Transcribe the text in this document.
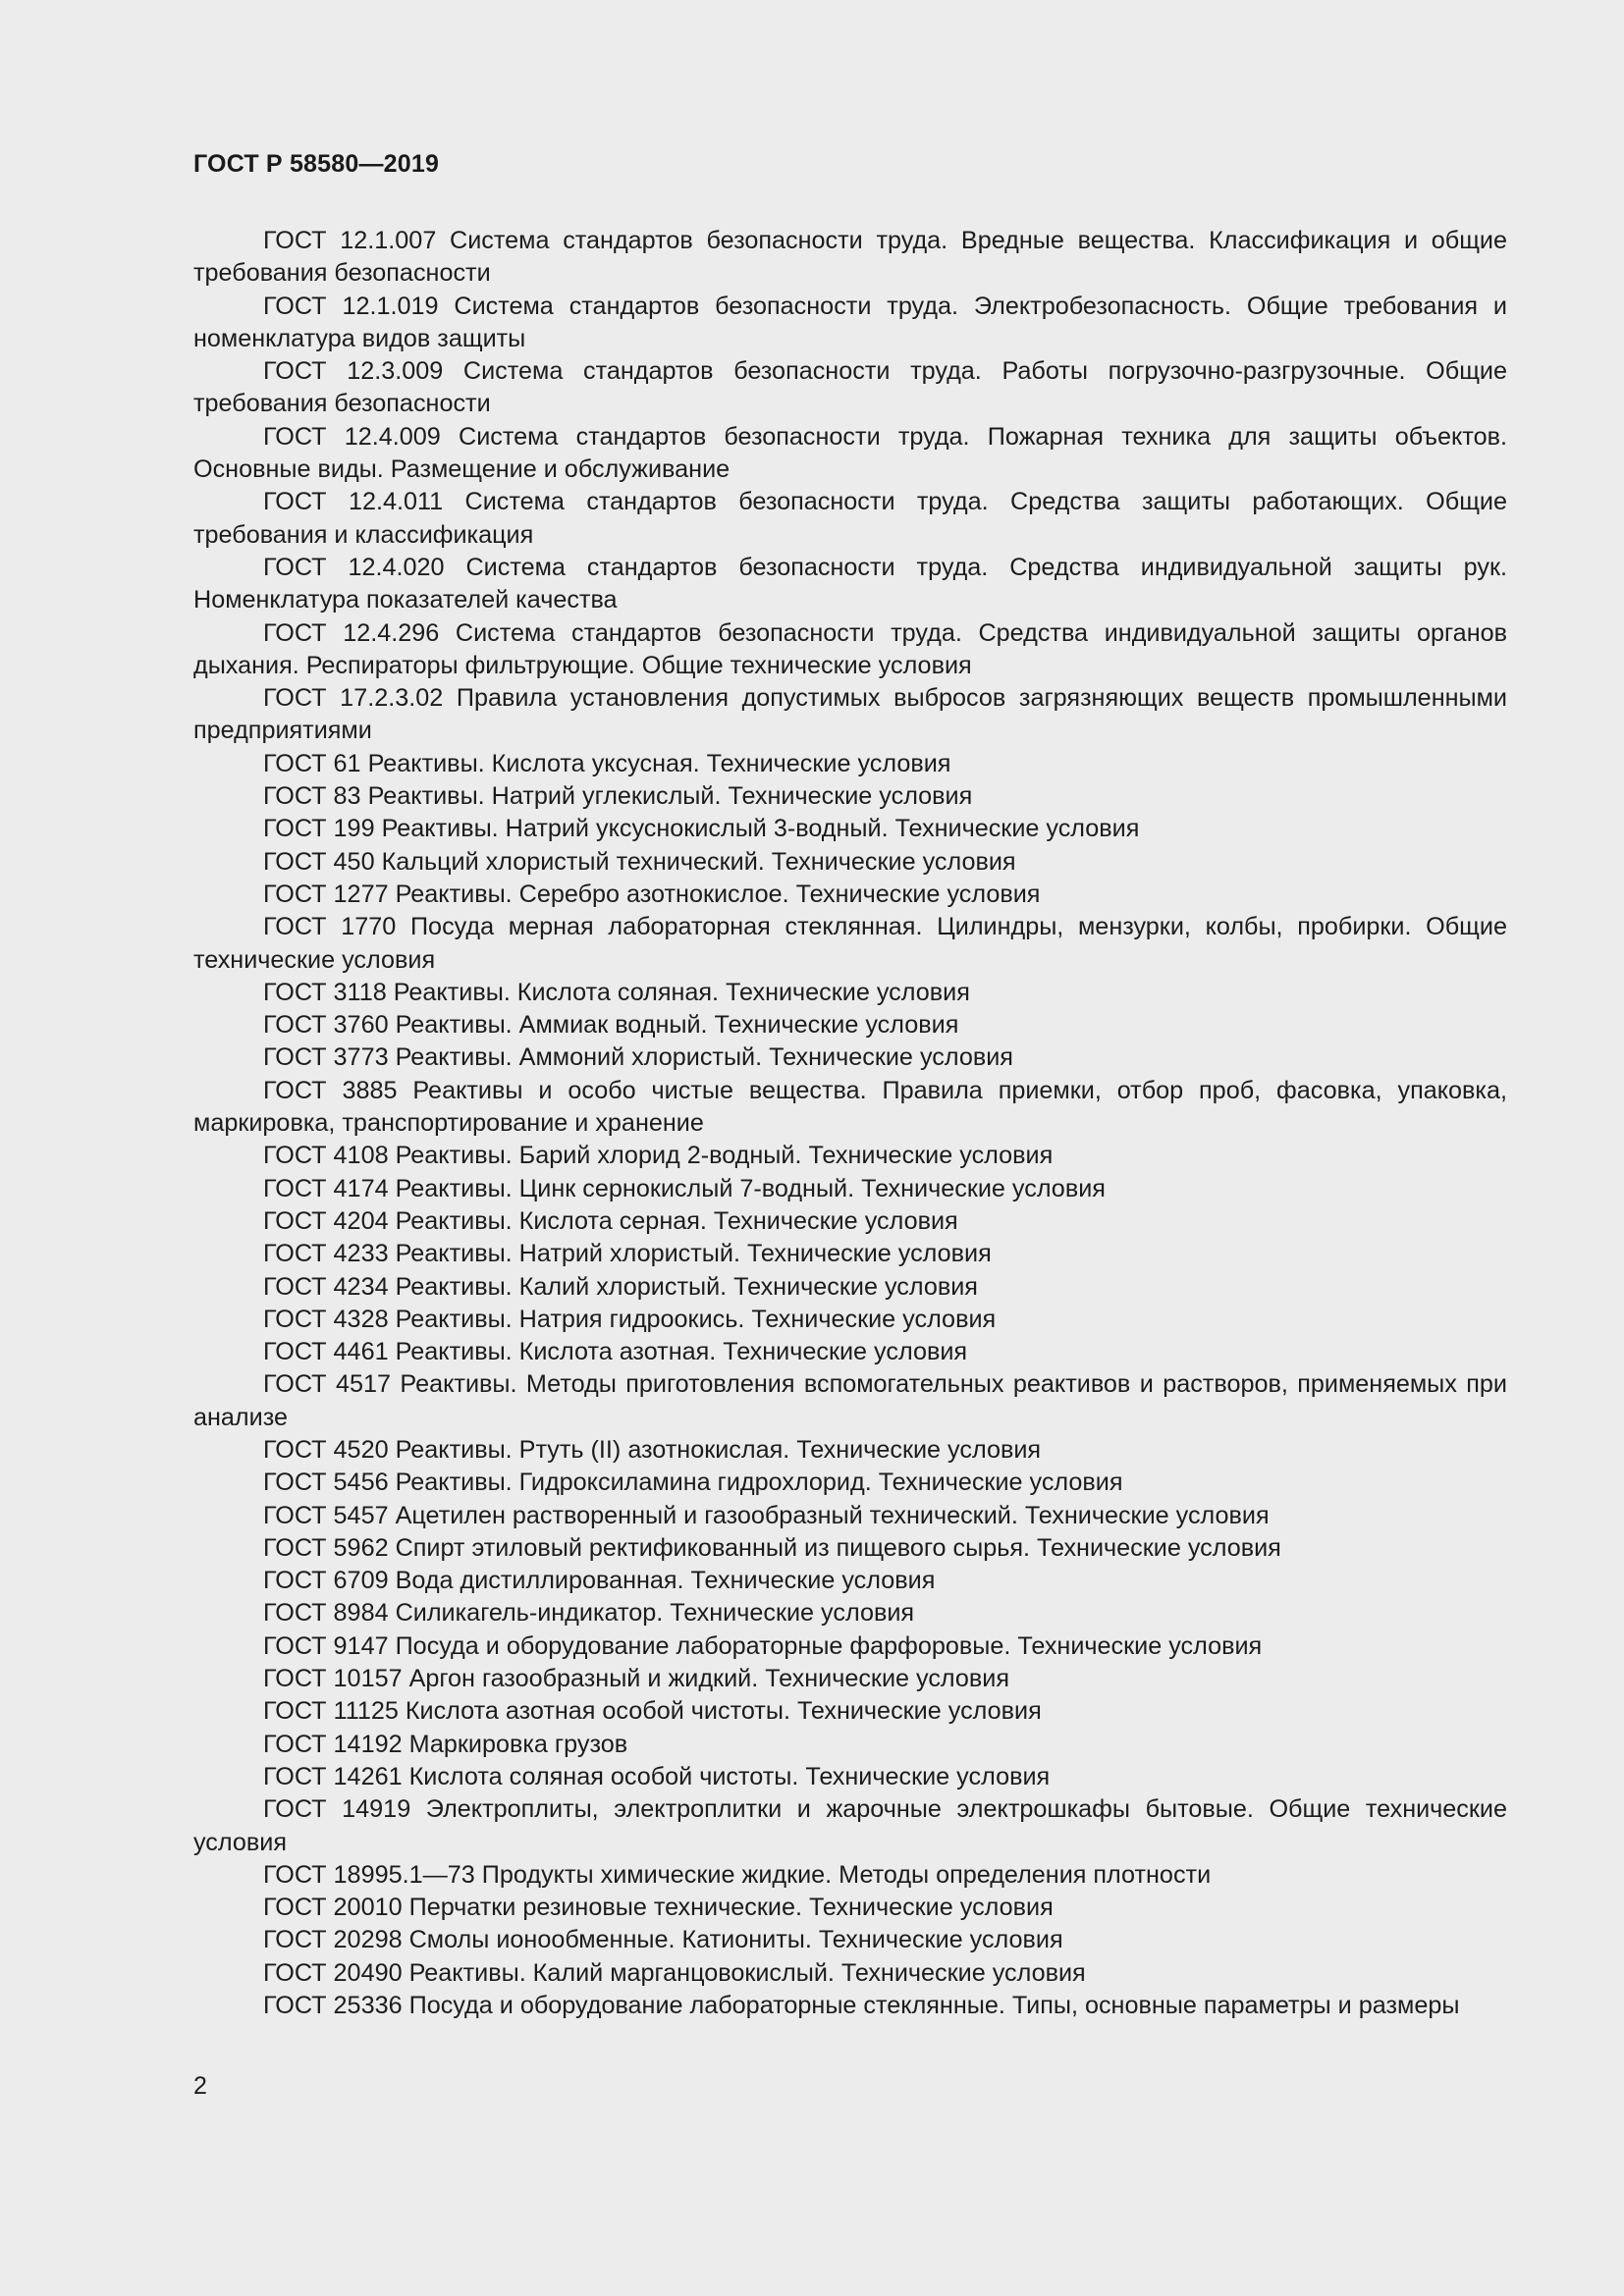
ГОСТ Р 58580—2019

ГОСТ 12.1.007 Система стандартов безопасности труда. Вредные вещества. Классификация и общие требования безопасности

ГОСТ 12.1.019 Система стандартов безопасности труда. Электробезопасность. Общие требования и номенклатура видов защиты

ГОСТ 12.3.009 Система стандартов безопасности труда. Работы погрузочно-разгрузочные. Общие требования безопасности

ГОСТ 12.4.009 Система стандартов безопасности труда. Пожарная техника для защиты объектов. Основные виды. Размещение и обслуживание

ГОСТ 12.4.011 Система стандартов безопасности труда. Средства защиты работающих. Общие требования и классификация

ГОСТ 12.4.020 Система стандартов безопасности труда. Средства индивидуальной защиты рук. Номенклатура показателей качества

ГОСТ 12.4.296 Система стандартов безопасности труда. Средства индивидуальной защиты органов дыхания. Респираторы фильтрующие. Общие технические условия

ГОСТ 17.2.3.02 Правила установления допустимых выбросов загрязняющих веществ промышленными предприятиями

ГОСТ 61 Реактивы. Кислота уксусная. Технические условия

ГОСТ 83 Реактивы. Натрий углекислый. Технические условия

ГОСТ 199 Реактивы. Натрий уксуснокислый 3-водный. Технические условия

ГОСТ 450 Кальций хлористый технический. Технические условия

ГОСТ 1277 Реактивы. Серебро азотнокислое. Технические условия

ГОСТ 1770 Посуда мерная лабораторная стеклянная. Цилиндры, мензурки, колбы, пробирки. Общие технические условия

ГОСТ 3118 Реактивы. Кислота соляная. Технические условия

ГОСТ 3760 Реактивы. Аммиак водный. Технические условия

ГОСТ 3773 Реактивы. Аммоний хлористый. Технические условия

ГОСТ 3885 Реактивы и особо чистые вещества. Правила приемки, отбор проб, фасовка, упаковка, маркировка, транспортирование и хранение

ГОСТ 4108 Реактивы. Барий хлорид 2-водный. Технические условия

ГОСТ 4174 Реактивы. Цинк сернокислый 7-водный. Технические условия

ГОСТ 4204 Реактивы. Кислота серная. Технические условия

ГОСТ 4233 Реактивы. Натрий хлористый. Технические условия

ГОСТ 4234 Реактивы. Калий хлористый. Технические условия

ГОСТ 4328 Реактивы. Натрия гидроокись. Технические условия

ГОСТ 4461 Реактивы. Кислота азотная. Технические условия

ГОСТ 4517 Реактивы. Методы приготовления вспомогательных реактивов и растворов, применяемых при анализе

ГОСТ 4520 Реактивы. Ртуть (II) азотнокислая. Технические условия

ГОСТ 5456 Реактивы. Гидроксиламина гидрохлорид. Технические условия

ГОСТ 5457 Ацетилен растворенный и газообразный технический. Технические условия

ГОСТ 5962 Спирт этиловый ректификованный из пищевого сырья. Технические условия

ГОСТ 6709 Вода дистиллированная. Технические условия

ГОСТ 8984 Силикагель-индикатор. Технические условия

ГОСТ 9147 Посуда и оборудование лабораторные фарфоровые. Технические условия

ГОСТ 10157 Аргон газообразный и жидкий. Технические условия

ГОСТ 11125 Кислота азотная особой чистоты. Технические условия

ГОСТ 14192 Маркировка грузов

ГОСТ 14261 Кислота соляная особой чистоты. Технические условия

ГОСТ 14919 Электроплиты, электроплитки и жарочные электрошкафы бытовые. Общие технические условия

ГОСТ 18995.1—73 Продукты химические жидкие. Методы определения плотности

ГОСТ 20010 Перчатки резиновые технические. Технические условия

ГОСТ 20298 Смолы ионообменные. Катиониты. Технические условия

ГОСТ 20490 Реактивы. Калий марганцовокислый. Технические условия

ГОСТ 25336 Посуда и оборудование лабораторные стеклянные. Типы, основные параметры и размеры

2
